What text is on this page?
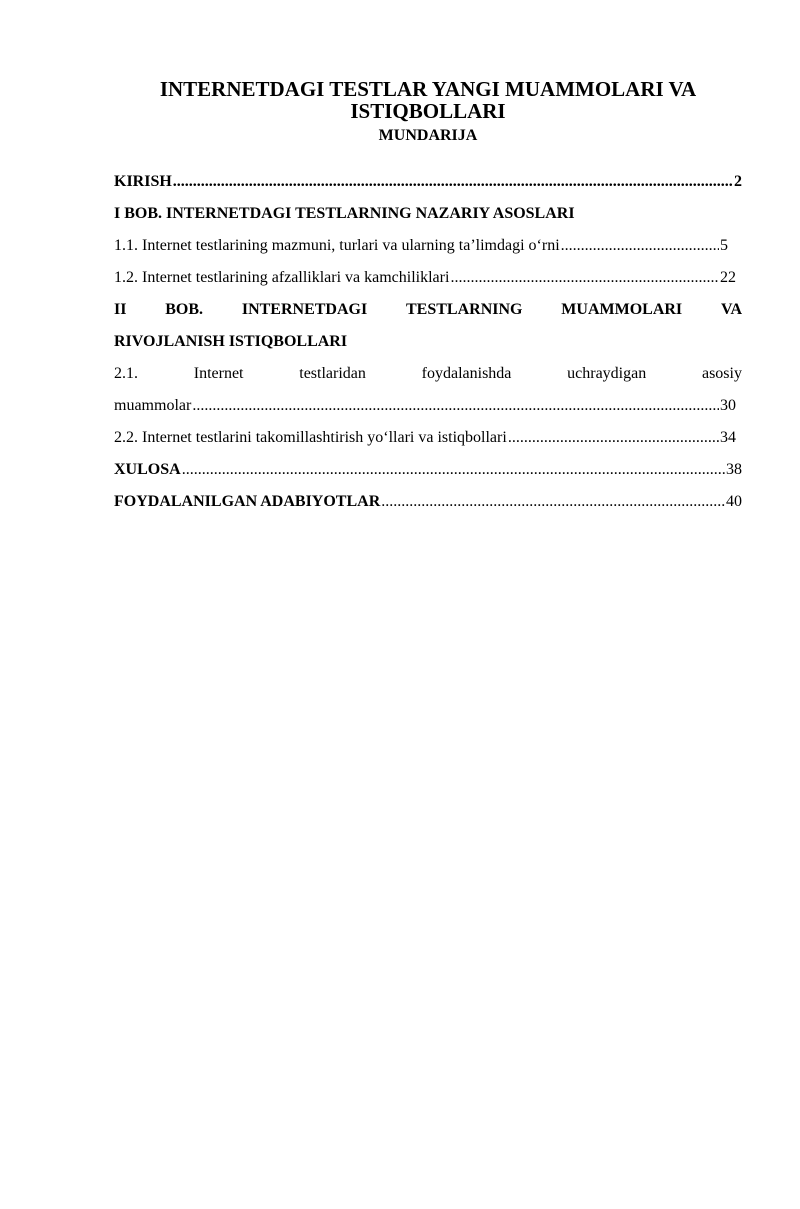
INTERNETDAGI TESTLAR YANGI MUAMMOLARI VA ISTIQBOLLARI
MUNDARIJA
KIRISH .....	2
I BOB. INTERNETDAGI TESTLARNING NAZARIY ASOSLARI
1.1. Internet testlarining mazmuni, turlari va ularning ta’limdagi o‘rni .....	5
1.2. Internet testlarining afzalliklari va kamchiliklari .....	22
II BOB. INTERNETDAGI TESTLARNING MUAMMOLARI VA
RIVOJLANISH ISTIQBOLLARI
2.1.	Internet	testlaridan	foydalanishda	uchraydigan	asosiy
muammolar .....	30
2.2. Internet testlarini takomillashtirish yo‘llari va istiqbollari .....	34
XULOSA .....	38
FOYDALANILGAN ADABIYOTLAR .....	40
